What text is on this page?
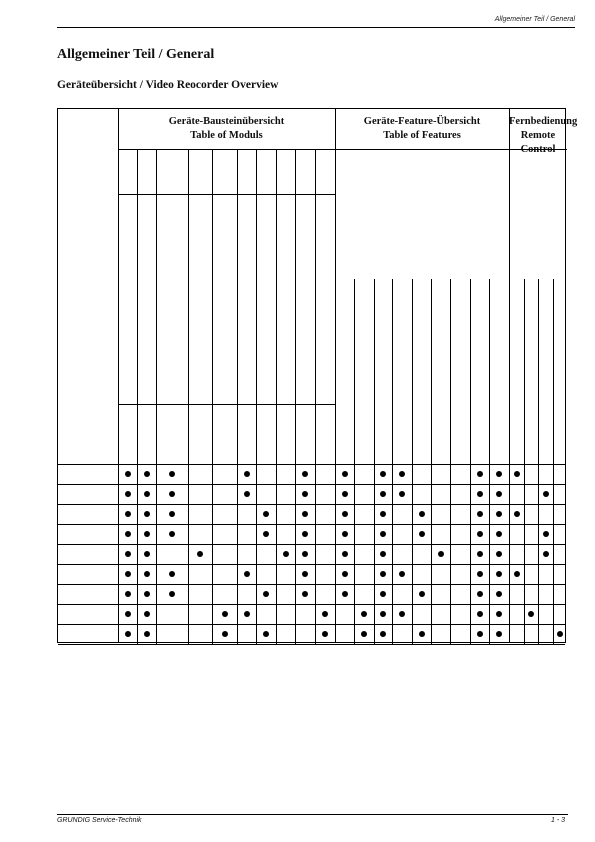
Allgemeiner Teil / General
Allgemeiner Teil / General
Geräteübersicht / Video Reocorder Overview
Geräte-Bausteinübersicht
Table of Moduls
Geräte-Feature-Übersicht
Table of Features
Fernbedienung
Remote Control
GRUNDIG Service-Technik	1 - 3
